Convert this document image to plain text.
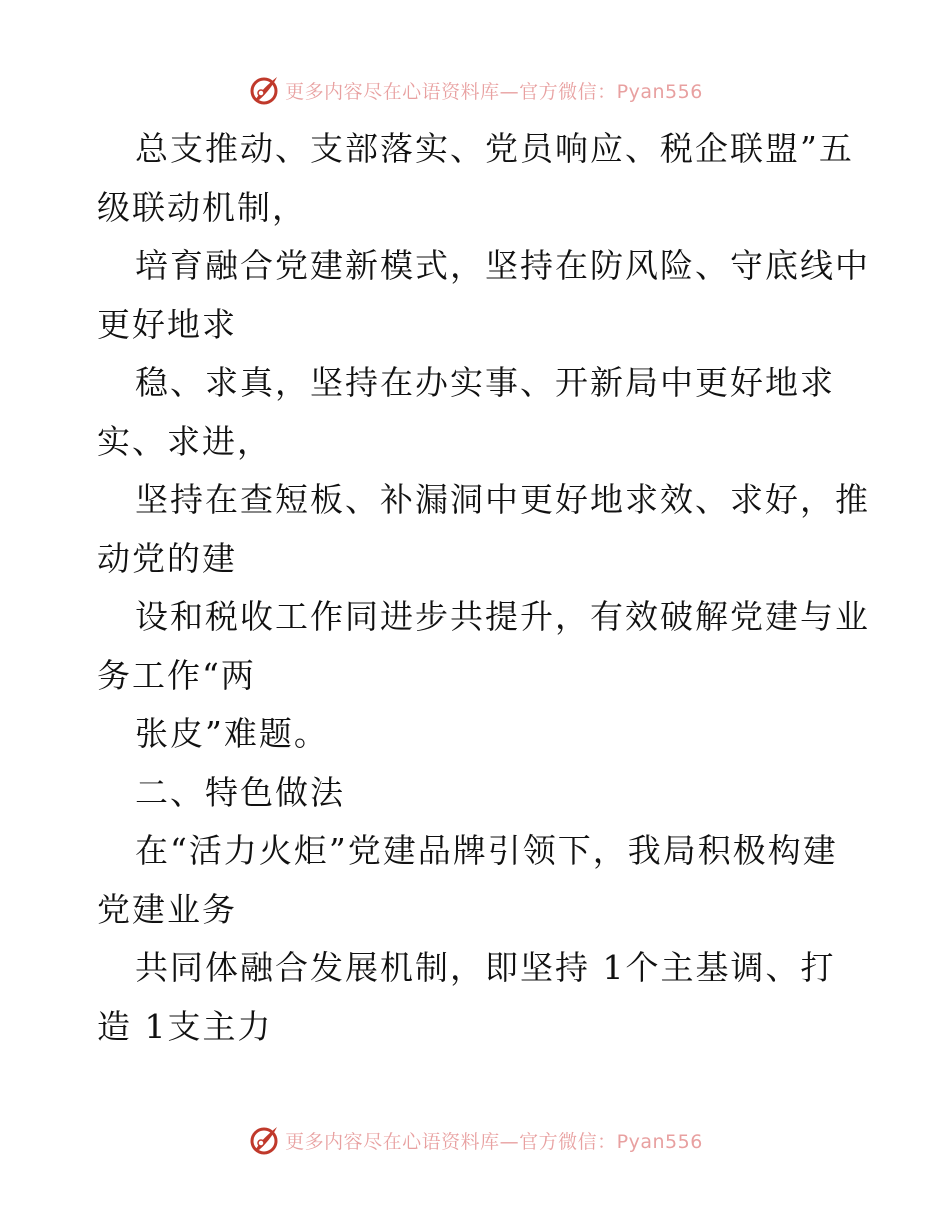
更多内容尽在心语资料库—官方微信：Pyan556
总支推动、支部落实、党员响应、税企联盟”五
级联动机制，
培育融合党建新模式，坚持在防风险、守底线中
更好地求
稳、求真，坚持在办实事、开新局中更好地求
实、求进，
坚持在查短板、补漏洞中更好地求效、求好，推
动党的建
设和税收工作同进步共提升，有效破解党建与业
务工作“两
张皮”难题。
二、特色做法
在“活力火炬”党建品牌引领下，我局积极构建
党建业务
共同体融合发展机制，即坚持 1个主基调、打
造 1支主力
更多内容尽在心语资料库—官方微信：Pyan556
